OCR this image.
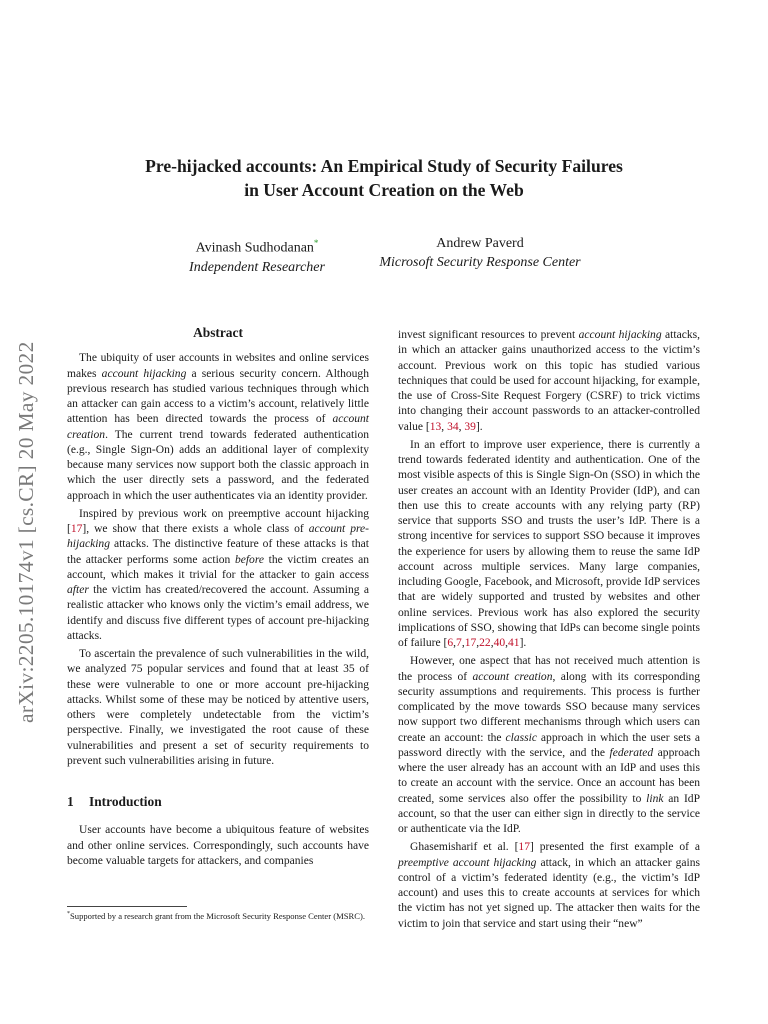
arXiv:2205.10174v1 [cs.CR] 20 May 2022
Pre-hijacked accounts: An Empirical Study of Security Failures
in User Account Creation on the Web
Avinash Sudhodanan*
Independent Researcher
Andrew Paverd
Microsoft Security Response Center
Abstract

The ubiquity of user accounts in websites and online services makes account hijacking a serious security concern. Although previous research has studied various techniques through which an attacker can gain access to a victim’s account, relatively little attention has been directed towards the process of account creation. The current trend towards federated authentication (e.g., Single Sign-On) adds an additional layer of complexity because many services now support both the classic approach in which the user directly sets a password, and the federated approach in which the user authenticates via an identity provider.

Inspired by previous work on preemptive account hijacking [17], we show that there exists a whole class of account pre-hijacking attacks. The distinctive feature of these attacks is that the attacker performs some action before the victim creates an account, which makes it trivial for the attacker to gain access after the victim has created/recovered the account. Assuming a realistic attacker who knows only the victim’s email address, we identify and discuss five different types of account pre-hijacking attacks.

To ascertain the prevalence of such vulnerabilities in the wild, we analyzed 75 popular services and found that at least 35 of these were vulnerable to one or more account pre-hijacking attacks. Whilst some of these may be noticed by attentive users, others were completely undetectable from the victim’s perspective. Finally, we investigated the root cause of these vulnerabilities and present a set of security requirements to prevent such vulnerabilities arising in future.

1 Introduction

User accounts have become a ubiquitous feature of websites and other online services. Correspondingly, such accounts have become valuable targets for attackers, and companies

invest significant resources to prevent account hijacking attacks, in which an attacker gains unauthorized access to the victim’s account. Previous work on this topic has studied various techniques that could be used for account hijacking, for example, the use of Cross-Site Request Forgery (CSRF) to trick victims into changing their account passwords to an attacker-controlled value [13, 34, 39].

In an effort to improve user experience, there is currently a trend towards federated identity and authentication. One of the most visible aspects of this is Single Sign-On (SSO) in which the user creates an account with an Identity Provider (IdP), and can then use this to create accounts with any relying party (RP) service that supports SSO and trusts the user’s IdP. There is a strong incentive for services to support SSO because it improves the experience for users by allowing them to reuse the same IdP account across multiple services. Many large companies, including Google, Facebook, and Microsoft, provide IdP services that are widely supported and trusted by websites and other online services. Previous work has also explored the security implications of SSO, showing that IdPs can become single points of failure [6,7,17,22,40,41].

However, one aspect that has not received much attention is the process of account creation, along with its corresponding security assumptions and requirements. This process is further complicated by the move towards SSO because many services now support two different mechanisms through which users can create an account: the classic approach in which the user sets a password directly with the service, and the federated approach where the user already has an account with an IdP and uses this to create an account with the service. Once an account has been created, some services also offer the possibility to link an IdP account, so that the user can either sign in directly to the service or authenticate via the IdP.

Ghasemisharif et al. [17] presented the first example of a preemptive account hijacking attack, in which an attacker gains control of a victim’s federated identity (e.g., the victim’s IdP account) and uses this to create accounts at services for which the victim has not yet signed up. The attacker then waits for the victim to join that service and start using their “new”

*Supported by a research grant from the Microsoft Security Response Center (MSRC).
